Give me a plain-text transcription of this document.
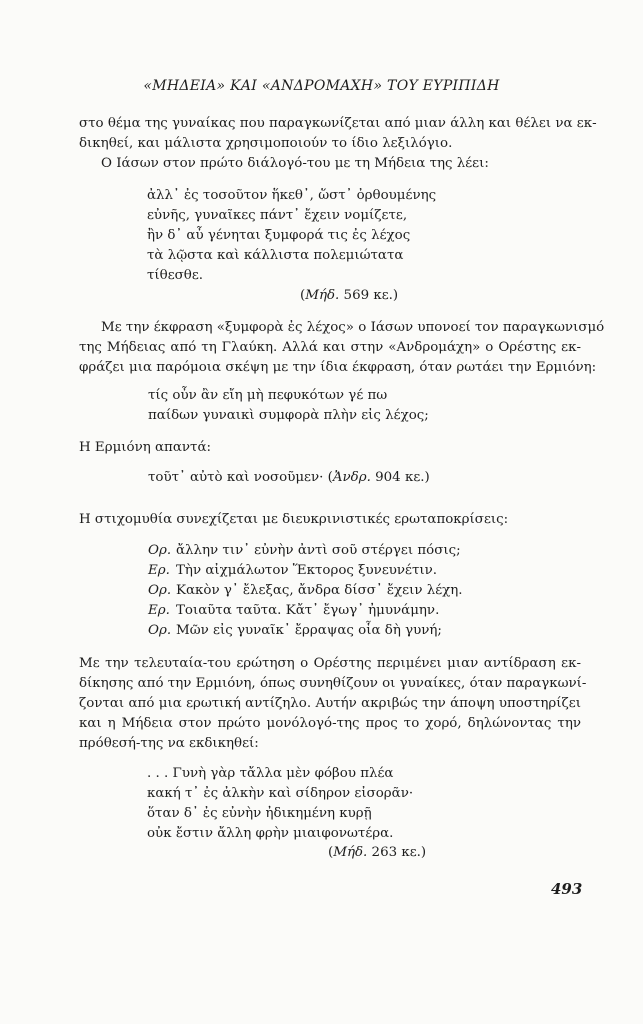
«ΜΗΔΕΙΑ» ΚΑΙ «ΑΝΔΡΟΜΑΧΗ» ΤΟΥ ΕΥΡΙΠΙΔΗ
στο θέμα της γυναίκας που παραγκωνίζεται από μιαν άλλη και θέλει να εκ-
δικηθεί, και μάλιστα χρησιμοποιούν το ίδιο λεξιλόγιο.
Ο Ιάσων στον πρώτο διάλογό-του με τη Μήδεια της λέει:
ἀλλ᾽ ἐς τοσοῦτον ἥκεθ᾽, ὥστ᾽ ὀρθουμένης
εὐνῆς, γυναῖκες πάντ᾽ ἔχειν νομίζετε,
ἢν δ᾽ αὖ γένηται ξυμφορά τις ἐς λέχος
τὰ λῷστα καὶ κάλλιστα πολεμιώτατα
τίθεσθε.
(Μήδ. 569 κε.)
Με την έκφραση «ξυμφορὰ ἐς λέχος» ο Ιάσων υπονοεί τον παραγκωνισμό
της Μήδειας από τη Γλαύκη. Αλλά και στην «Ανδρομάχη» ο Ορέστης εκ-
φράζει μια παρόμοια σκέψη με την ίδια έκφραση, όταν ρωτάει την Ερμιόνη:
τίς οὖν ἂν εἴη μὴ πεφυκότων γέ πω
παίδων γυναικὶ συμφορὰ πλὴν εἰς λέχος;
Η Ερμιόνη απαντά:
τοῦτ᾽ αὐτὸ καὶ νοσοῦμεν· (Ἀνδρ. 904 κε.)
Η στιχομυθία συνεχίζεται με διευκρινιστικές ερωταποκρίσεις:
Ορ. ἄλλην τιν᾽ εὐνὴν ἀντὶ σοῦ στέργει πόσις;
Ερ. Τὴν αἰχμάλωτον Ἕκτορος ξυνευνέτιν.
Ορ. Κακὸν γ᾽ ἔλεξας, ἄνδρα δίσσ᾽ ἔχειν λέχη.
Ερ. Τοιαῦτα ταῦτα. Κἄτ᾽ ἔγωγ᾽ ἠμυνάμην.
Ορ. Μῶν εἰς γυναῖκ᾽ ἔρραψας οἷα δὴ γυνή;
Με την τελευταία-του ερώτηση ο Ορέστης περιμένει μιαν αντίδραση εκ-
δίκησης από την Ερμιόνη, όπως συνηθίζουν οι γυναίκες, όταν παραγκωνί-
ζονται από μια ερωτική αντίζηλο. Αυτήν ακριβώς την άποψη υποστηρίζει
και η Μήδεια στον πρώτο μονόλογό-της προς το χορό, δηλώνοντας την
πρόθεσή-της να εκδικηθεί:
. . . Γυνὴ γὰρ τἄλλα μὲν φόβου πλέα
κακή τ᾽ ἐς ἀλκὴν καὶ σίδηρον εἰσορᾶν·
ὅταν δ᾽ ἐς εὐνὴν ἠδικημένη κυρῇ
οὐκ ἔστιν ἄλλη φρὴν μιαιφονωτέρα.
(Μήδ. 263 κε.)
493
